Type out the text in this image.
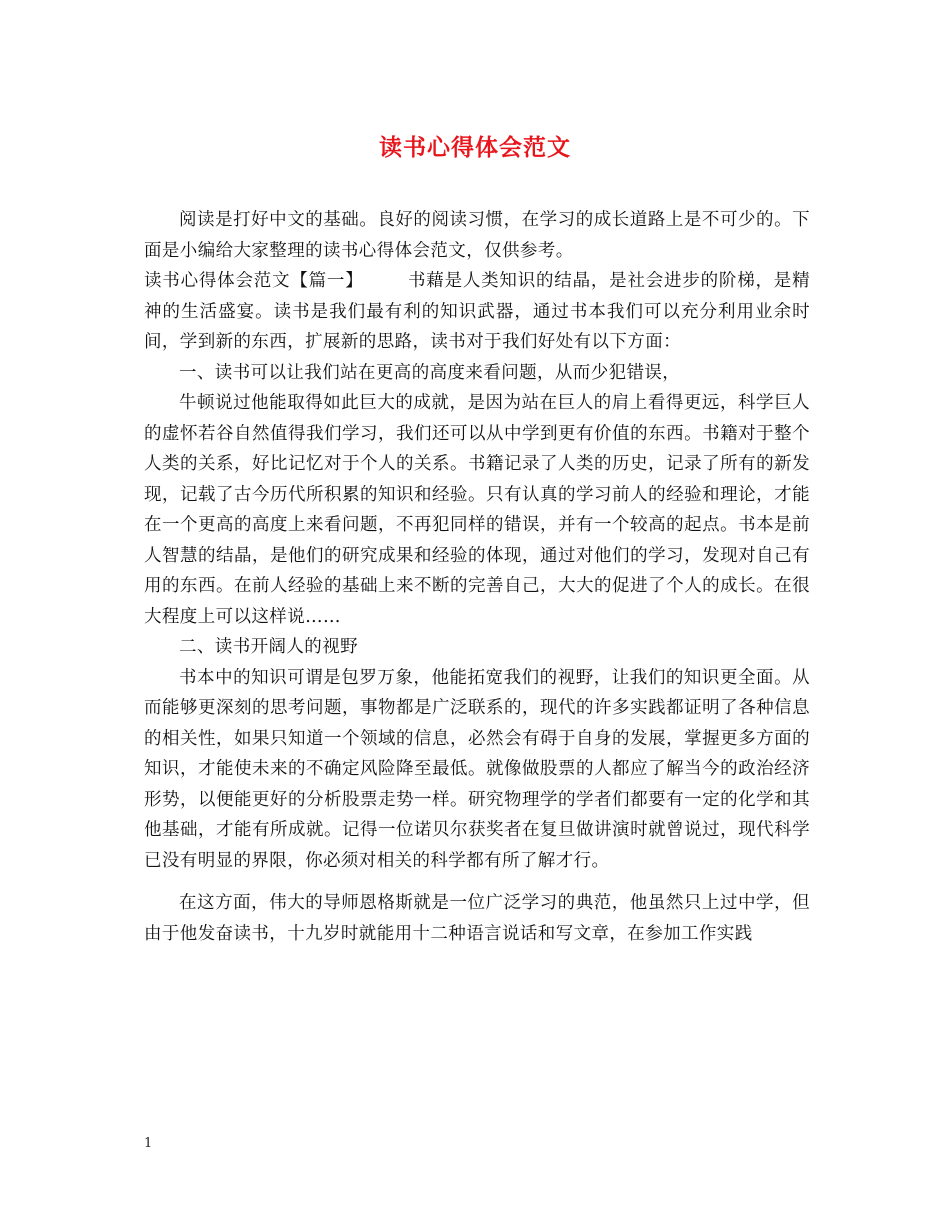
读书心得体会范文

阅读是打好中文的基础。良好的阅读习惯，在学习的成长道路上是不可少的。下面是小编给大家整理的读书心得体会范文，仅供参考。

读书心得体会范文【篇一】	书藉是人类知识的结晶，是社会进步的阶梯，是精神的生活盛宴。读书是我们最有利的知识武器，通过书本我们可以充分利用业余时间，学到新的东西，扩展新的思路，读书对于我们好处有以下方面：

一、读书可以让我们站在更高的高度来看问题，从而少犯错误，

牛顿说过他能取得如此巨大的成就，是因为站在巨人的肩上看得更远，科学巨人的虚怀若谷自然值得我们学习，我们还可以从中学到更有价值的东西。书籍对于整个人类的关系，好比记忆对于个人的关系。书籍记录了人类的历史，记录了所有的新发现，记载了古今历代所积累的知识和经验。只有认真的学习前人的经验和理论，才能在一个更高的高度上来看问题，不再犯同样的错误，并有一个较高的起点。书本是前人智慧的结晶，是他们的研究成果和经验的体现，通过对他们的学习，发现对自己有用的东西。在前人经验的基础上来不断的完善自己，大大的促进了个人的成长。在很大程度上可以这样说……

二、读书开阔人的视野

书本中的知识可谓是包罗万象，他能拓宽我们的视野，让我们的知识更全面。从而能够更深刻的思考问题，事物都是广泛联系的，现代的许多实践都证明了各种信息的相关性，如果只知道一个领域的信息，必然会有碍于自身的发展，掌握更多方面的知识，才能使未来的不确定风险降至最低。就像做股票的人都应了解当今的政治经济形势，以便能更好的分析股票走势一样。研究物理学的学者们都要有一定的化学和其他基础，才能有所成就。记得一位诺贝尔获奖者在复旦做讲演时就曾说过，现代科学已没有明显的界限，你必须对相关的科学都有所了解才行。

在这方面，伟大的导师恩格斯就是一位广泛学习的典范，他虽然只上过中学，但由于他发奋读书，十九岁时就能用十二种语言说话和写文章，在参加工作实践

1
